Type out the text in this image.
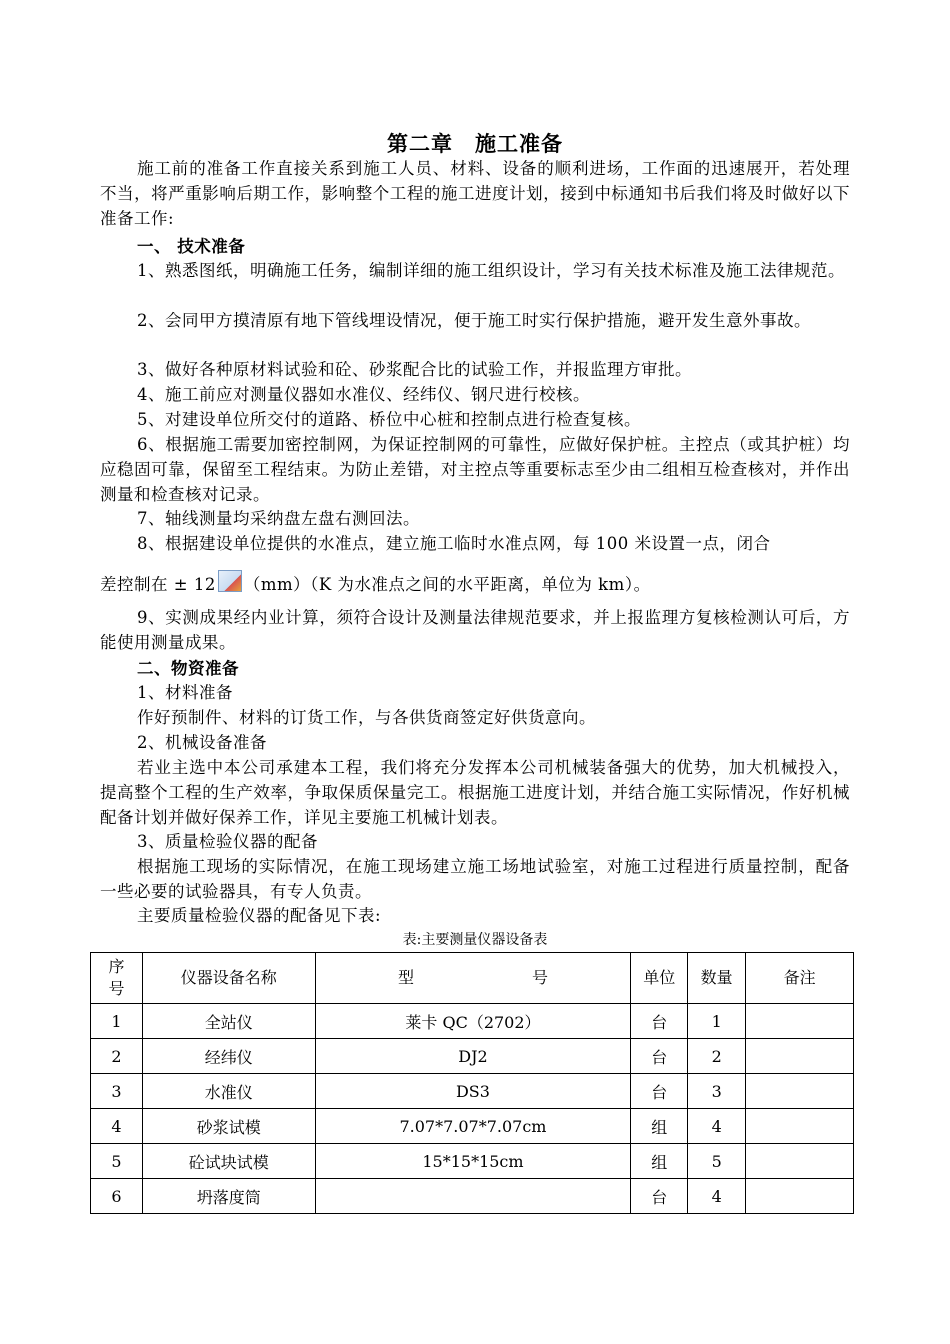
第二章 施工准备

施工前的准备工作直接关系到施工人员、材料、设备的顺利进场，工作面的迅速展开，若处理不当，将严重影响后期工作，影响整个工程的施工进度计划，接到中标通知书后我们将及时做好以下准备工作:

一、 技术准备

1、熟悉图纸，明确施工任务，编制详细的施工组织设计，学习有关技术标准及施工法律规范。

2、会同甲方摸清原有地下管线埋设情况，便于施工时实行保护措施，避开发生意外事故。

3、做好各种原材料试验和砼、砂浆配合比的试验工作，并报监理方审批。

4、施工前应对测量仪器如水准仪、经纬仪、钢尺进行校核。

5、对建设单位所交付的道路、桥位中心桩和控制点进行检查复核。

6、根据施工需要加密控制网，为保证控制网的可靠性，应做好保护桩。主控点（或其护桩）均应稳固可靠，保留至工程结束。为防止差错，对主控点等重要标志至少由二组相互检查核对，并作出测量和检查核对记录。

7、轴线测量均采纳盘左盘右测回法。

8、根据建设单位提供的水准点，建立施工临时水准点网，每 100 米设置一点，闭合

差控制在 ± 12 （mm）（K 为水准点之间的水平距离，单位为 km）。

9、实测成果经内业计算，须符合设计及测量法律规范要求，并上报监理方复核检测认可后，方能使用测量成果。

二、物资准备

1、材料准备

作好预制件、材料的订货工作，与各供货商签定好供货意向。

2、机械设备准备

若业主选中本公司承建本工程，我们将充分发挥本公司机械装备强大的优势，加大机械投入，提高整个工程的生产效率，争取保质保量完工。根据施工进度计划，并结合施工实际情况，作好机械配备计划并做好保养工作，详见主要施工机械计划表。

3、质量检验仪器的配备

根据施工现场的实际情况，在施工现场建立施工场地试验室，对施工过程进行质量控制，配备一些必要的试验器具，有专人负责。

主要质量检验仪器的配备见下表:

表:主要测量仪器设备表
序
号	仪器设备名称	型 号	单位	数量	备注
1	全站仪	莱卡 QC（2702）	台	1	
2	经纬仪	DJ2	台	2	
3	水准仪	DS3	台	3	
4	砂浆试模	7.07*7.07*7.07cm	组	4	
5	砼试块试模	15*15*15cm	组	5	
6	坍落度筒		台	4	
